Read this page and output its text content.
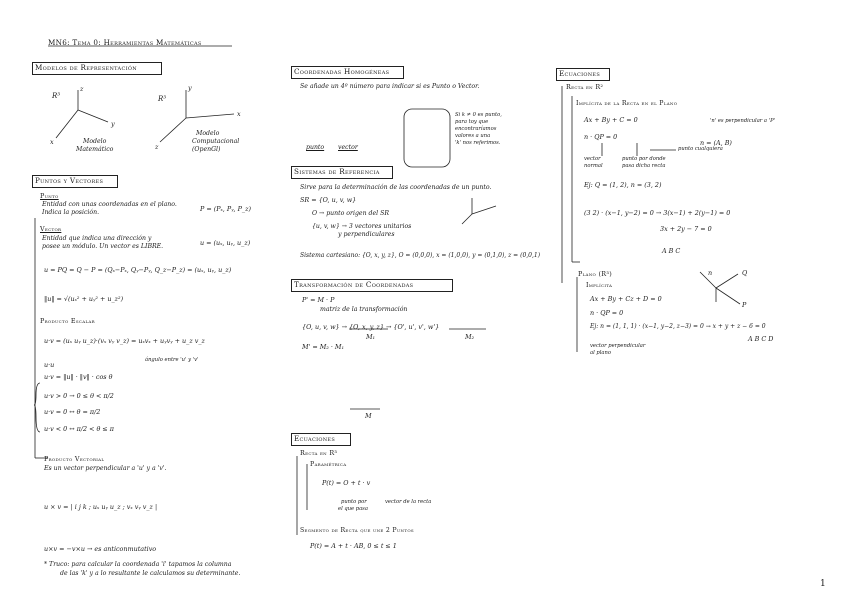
MN6: Tema 0: Herramientas Matemáticas
1
Modelos de Representación
R³	R³
z
y
x	Modelo
Matemático
y
x
z
Modelo
Computacional
(OpenGl)
Puntos y Vectores
Punto
Entidad con unas coordenadas en el plano.
Indica la posición.	P = (Pₓ, Pᵧ, P_z)
Vector
Entidad que indica una dirección y
posee un módulo. Un vector es LIBRE.	u = (uₓ, uᵧ, u_z)
u = PQ = Q − P = (Qₓ−Pₓ, Qᵧ−Pᵧ, Q_z−P_z) = (uₓ, uᵧ, u_z)
‖u‖ = √(uₓ² + uᵧ² + u_z²)
Producto Escalar
u·v = (uₓ uᵧ u_z)·(vₓ vᵧ v_z) = uₓvₓ + uᵧvᵧ + u_z v_z
ángulo entre 'u' y 'v'
u·u
u·v = ‖u‖ · ‖v‖ · cos θ
u·v > 0 → 0 ≤ θ < π/2
u·v = 0 ↔ θ = π/2
u·v < 0 ↔ π/2 < θ ≤ π
Producto Vectorial
Es un vector perpendicular a 'u' y a 'v'.
u × v = | i j k ; uₓ uᵧ u_z ; vₓ vᵧ v_z |
u×v = −v×u → es anticonmutativo
* Truco: para calcular la coordenada 'i' tapamos la columna
de las 'k' y a lo resultante le calculamos su determinante.
Coordenadas Homogéneas
Se añade un 4º número para indicar si es Punto o Vector.
punto vector
Si k ≠ 0 es punto,
para toy que
encontraríamos
valores a una
'k' nos referimos.
Sistemas de Referencia
Sirve para la determinación de las coordenadas de un punto.
SR = {O, u, v, w}
O → punto origen del SR
{u, v, w} → 3 vectores unitarios
y perpendiculares
Sistema cartesiano: {O, x, y, z}, O = (0,0,0), x = (1,0,0), y = (0,1,0), z = (0,0,1)
Transformación de Coordenadas
P' = M · P
matriz de la transformación
{O, u, v, w} → {O, x, y, z} → {O', u', v', w'}
M₁	M₂
M' = M₂ · M₁
M
Ecuaciones
Recta en R³
Paramétrica
P(t) = O + t · v
punto por
el que pasa
vector de la recta
Segmento de Recta que une 2 Puntos
P(t) = A + t · AB, 0 ≤ t ≤ 1
Ecuaciones
Recta en R²
Implícita de la Recta en el Plano
Ax + By + C = 0	'n' es perpendicular a 'P'
n · QP = 0
n = (A, B)
vector
normal
punto cualquiera
punto por donde
pasa dicha recta
Ej: Q = (1, 2), n = (3, 2)
(3 2) · (x−1, y−2) = 0 → 3(x−1) + 2(y−1) = 0
3x + 2y − 7 = 0
A B C
Plano (R³)
Implícita
Ax + By + Cz + D = 0
n · QP = 0
Ej: n = (1, 1, 1) · (x−1, y−2, z−3) = 0 → x + y + z − 6 = 0
A B C D
vector perpendicular
al plano
n	Q
P
